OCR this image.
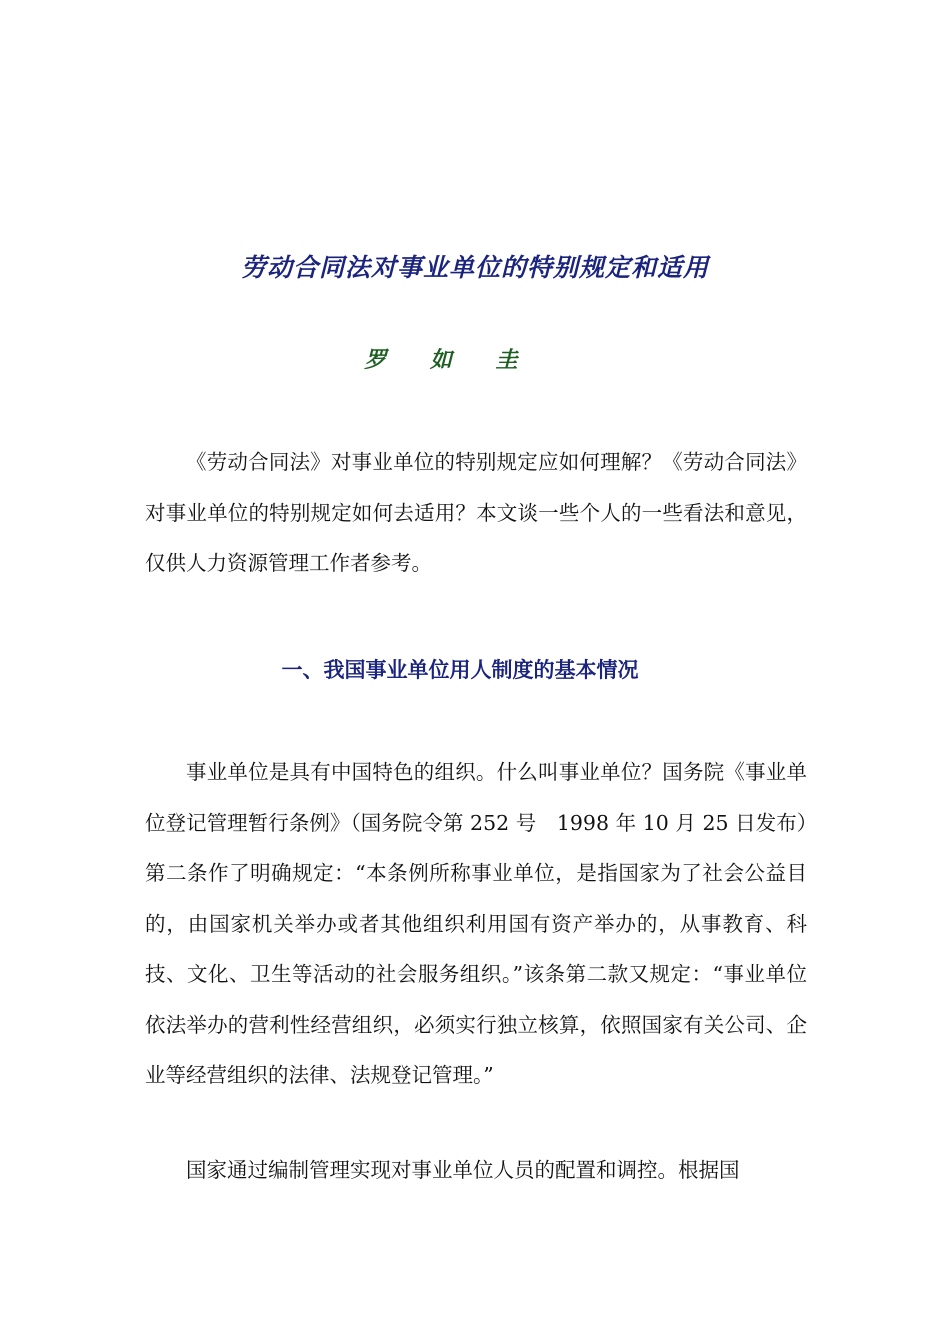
劳动合同法对事业单位的特别规定和适用
罗 如 圭

《劳动合同法》对事业单位的特别规定应如何理解？《劳动合同法》对事业单位的特别规定如何去适用？本文谈一些个人的一些看法和意见，仅供人力资源管理工作者参考。

一、我国事业单位用人制度的基本情况

事业单位是具有中国特色的组织。什么叫事业单位？国务院《事业单位登记管理暂行条例》（国务院令第 252 号　1998 年 10 月 25 日发布）第二条作了明确规定：“本条例所称事业单位，是指国家为了社会公益目的，由国家机关举办或者其他组织利用国有资产举办的，从事教育、科技、文化、卫生等活动的社会服务组织。”该条第二款又规定：“事业单位依法举办的营利性经营组织，必须实行独立核算，依照国家有关公司、企业等经营组织的法律、法规登记管理。”

国家通过编制管理实现对事业单位人员的配置和调控。根据国
